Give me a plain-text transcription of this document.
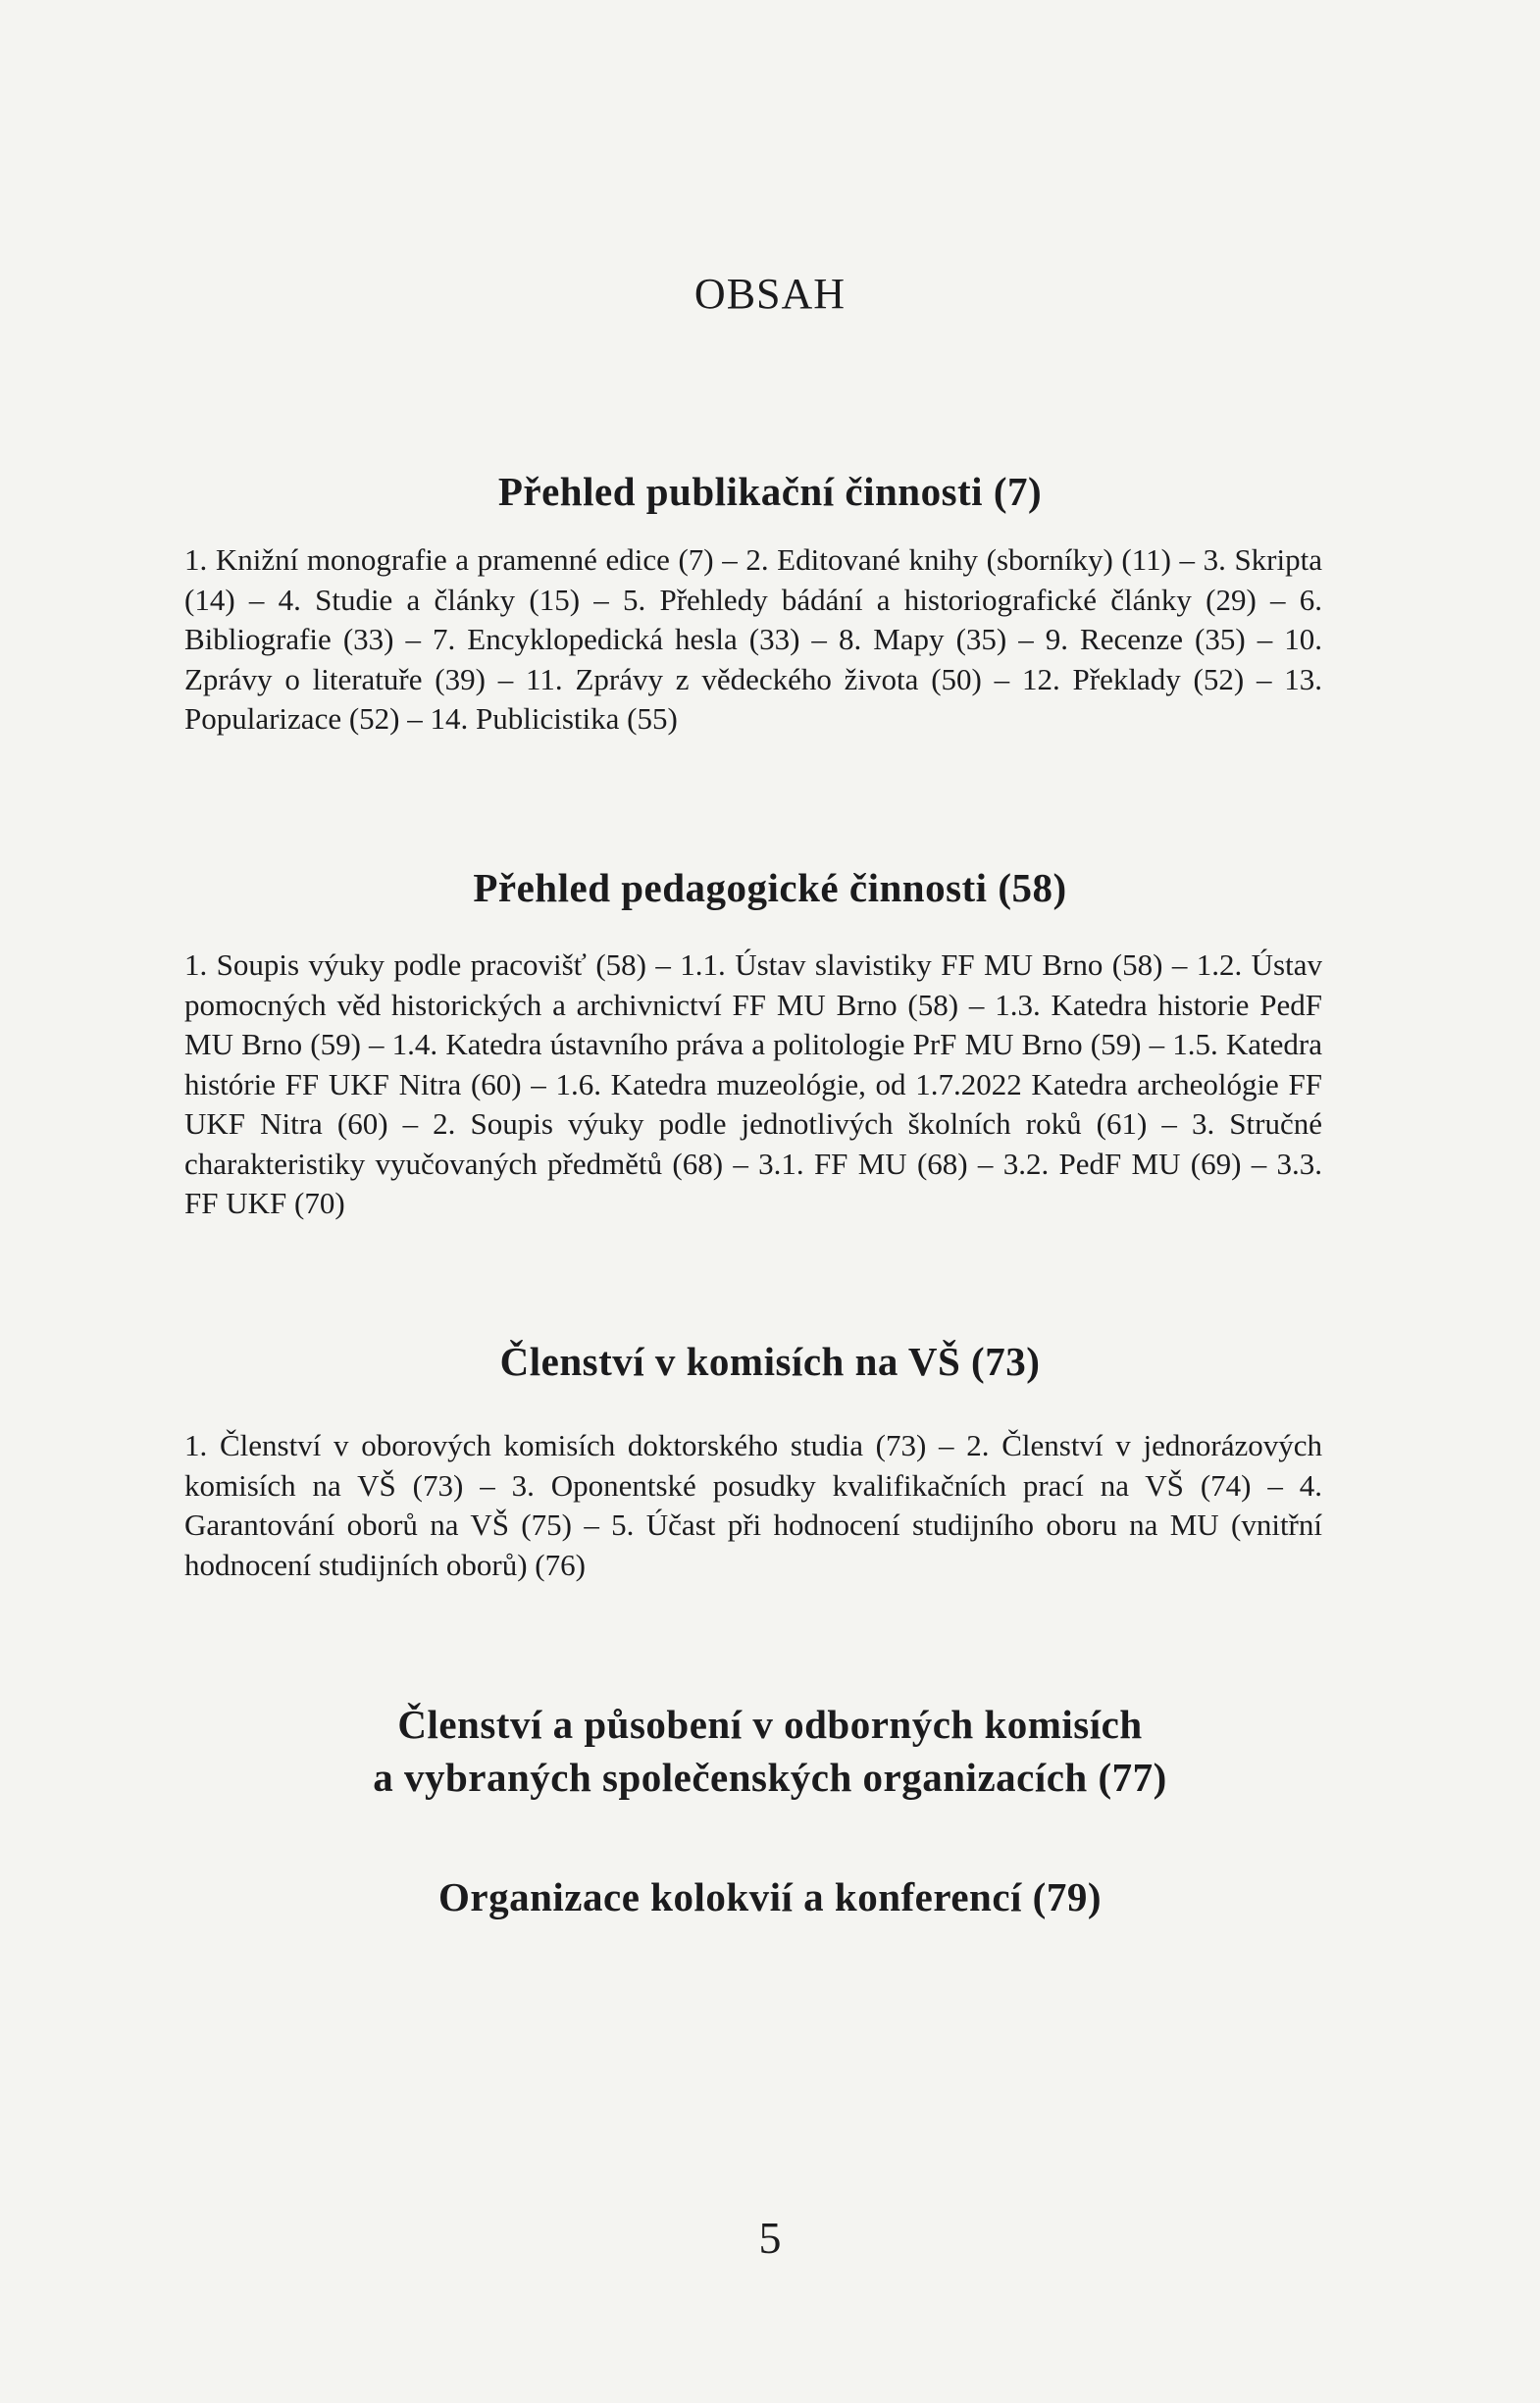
OBSAH
Přehled publikační činnosti (7)

1. Knižní monografie a pramenné edice (7) – 2. Editované knihy (sborníky) (11) – 3. Skripta (14) – 4. Studie a články (15) – 5. Přehledy bádání a historiografické články (29) – 6. Bibliografie (33) – 7. Encyklopedická hesla (33) – 8. Mapy (35) – 9. Recenze (35) – 10. Zprávy o literatuře (39) – 11. Zprávy z vědeckého života (50) – 12. Překlady (52) – 13. Popularizace (52) – 14. Publicistika (55)

Přehled pedagogické činnosti (58)

1. Soupis výuky podle pracovišť (58) – 1.1. Ústav slavistiky FF MU Brno (58) – 1.2. Ústav pomocných věd historických a archivnictví FF MU Brno (58) – 1.3. Katedra historie PedF MU Brno (59) – 1.4. Katedra ústavního práva a politologie PrF MU Brno (59) – 1.5. Katedra histórie FF UKF Nitra (60) – 1.6. Katedra muzeológie, od 1.7.2022 Katedra archeológie FF UKF Nitra (60) – 2. Soupis výuky podle jednotlivých školních roků (61) – 3. Stručné charakteristiky vyučovaných předmětů (68) – 3.1. FF MU (68) – 3.2. PedF MU (69) – 3.3. FF UKF (70)

Členství v komisích na VŠ (73)

1. Členství v oborových komisích doktorského studia (73) – 2. Členství v jednorázových komisích na VŠ (73) – 3. Oponentské posudky kvalifikačních prací na VŠ (74) – 4. Garantování oborů na VŠ (75) – 5. Účast při hodnocení studijního oboru na MU (vnitřní hodnocení studijních oborů) (76)

Členství a působení v odborných komisích
a vybraných společenských organizacích (77)
Organizace kolokvií a konferencí (79)

5
